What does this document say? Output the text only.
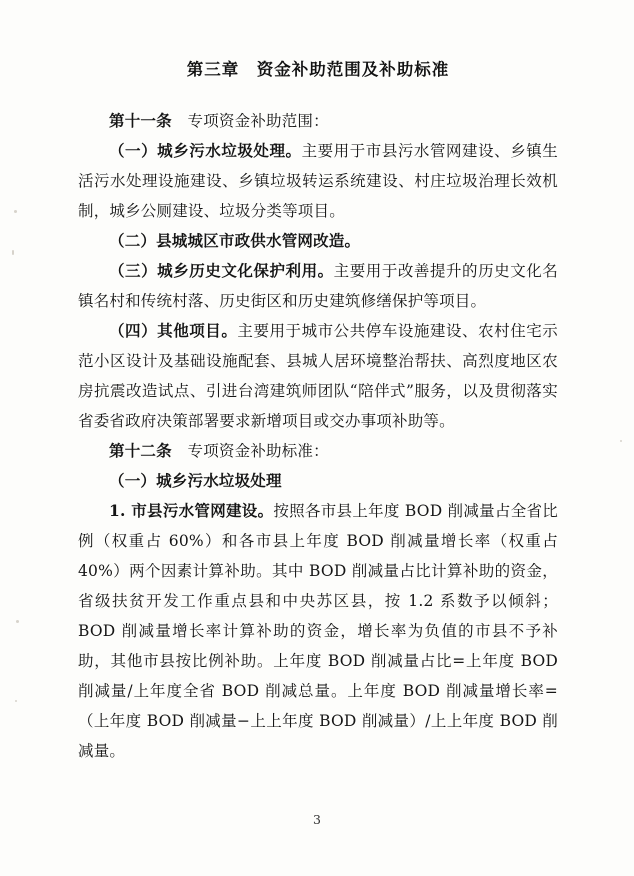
第三章　资金补助范围及补助标准

第十一条　专项资金补助范围：

（一）城乡污水垃圾处理。主要用于市县污水管网建设、乡镇生活污水处理设施建设、乡镇垃圾转运系统建设、村庄垃圾治理长效机制，城乡公厕建设、垃圾分类等项目。

（二）县城城区市政供水管网改造。

（三）城乡历史文化保护利用。主要用于改善提升的历史文化名镇名村和传统村落、历史街区和历史建筑修缮保护等项目。

（四）其他项目。主要用于城市公共停车设施建设、农村住宅示范小区设计及基础设施配套、县城人居环境整治帮扶、高烈度地区农房抗震改造试点、引进台湾建筑师团队“陪伴式”服务，以及贯彻落实省委省政府决策部署要求新增项目或交办事项补助等。

第十二条　专项资金补助标准：

（一）城乡污水垃圾处理

1. 市县污水管网建设。按照各市县上年度 BOD 削减量占全省比例（权重占 60%）和各市县上年度 BOD 削减量增长率（权重占 40%）两个因素计算补助。其中 BOD 削减量占比计算补助的资金，省级扶贫开发工作重点县和中央苏区县，按 1.2 系数予以倾斜；BOD 削减量增长率计算补助的资金，增长率为负值的市县不予补助，其他市县按比例补助。上年度 BOD 削减量占比=上年度 BOD 削减量/上年度全省 BOD 削减总量。上年度 BOD 削减量增长率=（上年度 BOD 削减量−上上年度 BOD 削减量）/上上年度 BOD 削减量。

3
